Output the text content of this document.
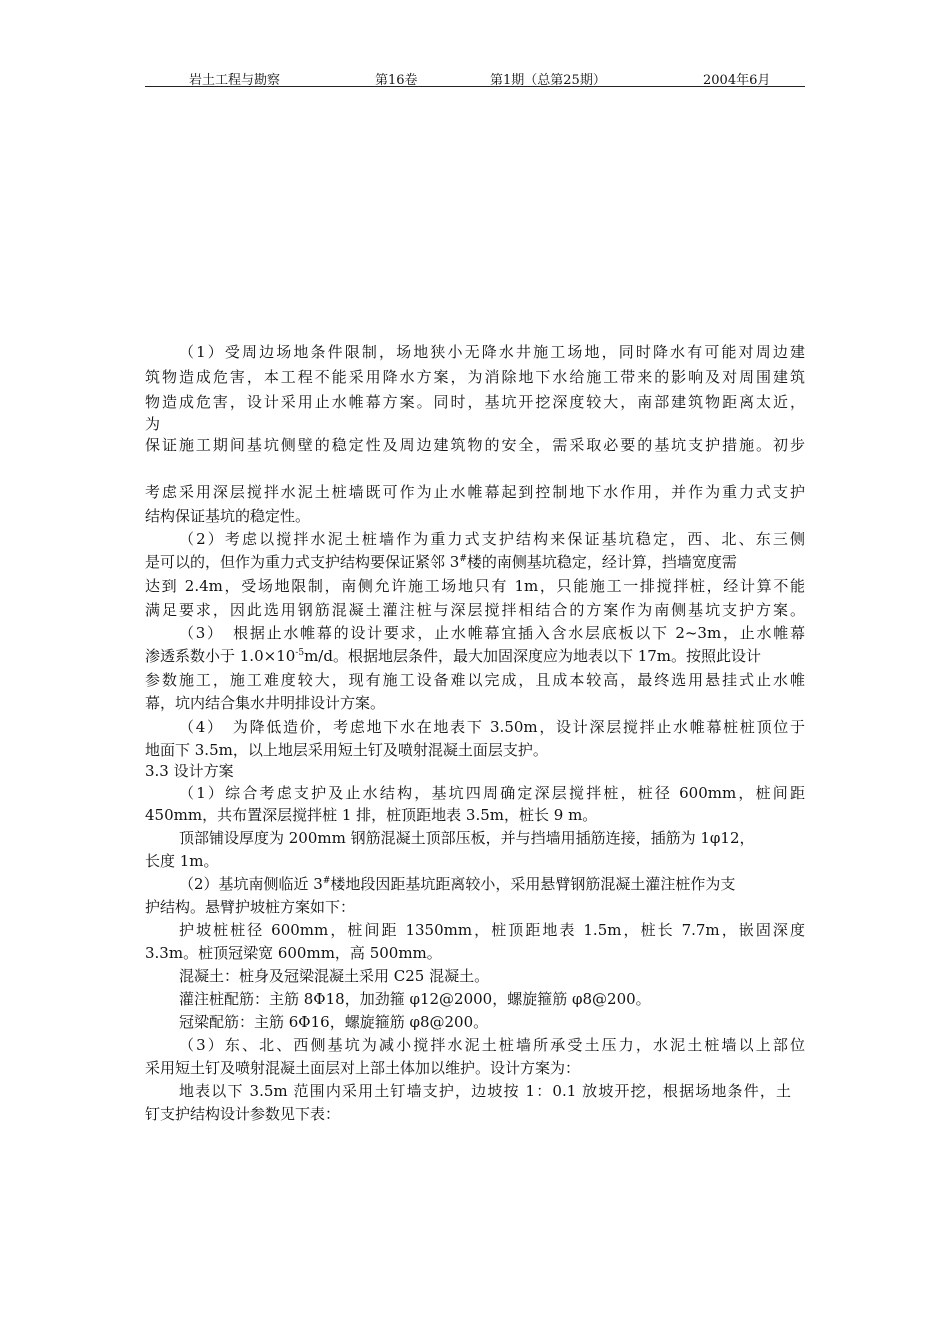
岩土工程与勘察	第16卷	第1期（总第25期）	2004年6月
（1）受周边场地条件限制，场地狭小无降水井施工场地，同时降水有可能对周边建
筑物造成危害，本工程不能采用降水方案，为消除地下水给施工带来的影响及对周围建筑
物造成危害，设计采用止水帷幕方案。同时，基坑开挖深度较大，南部建筑物距离太近，
为
保证施工期间基坑侧壁的稳定性及周边建筑物的安全，需采取必要的基坑支护措施。初步
考虑采用深层搅拌水泥土桩墙既可作为止水帷幕起到控制地下水作用，并作为重力式支护
结构保证基坑的稳定性。
（2）考虑以搅拌水泥土桩墙作为重力式支护结构来保证基坑稳定，西、北、东三侧
是可以的，但作为重力式支护结构要保证紧邻 3#楼的南侧基坑稳定，经计算，挡墙宽度需
达到 2.4m，受场地限制，南侧允许施工场地只有 1m，只能施工一排搅拌桩，经计算不能
满足要求，因此选用钢筋混凝土灌注桩与深层搅拌相结合的方案作为南侧基坑支护方案。
（3）　根据止水帷幕的设计要求，止水帷幕宜插入含水层底板以下 2~3m，止水帷幕
渗透系数小于 $1.0\times 10^{-5}m/d$。根据地层条件，最大加固深度应为地表以下 17m。按照此设计
参数施工，施工难度较大，现有施工设备难以完成，且成本较高，最终选用悬挂式止水帷
幕，坑内结合集水井明排设计方案。
（4）　为降低造价，考虑地下水在地表下 3.50m，设计深层搅拌止水帷幕桩桩顶位于
地面下 3.5m，以上地层采用短土钉及喷射混凝土面层支护。
3.3 设计方案
（1）综合考虑支护及止水结构，基坑四周确定深层搅拌桩，桩径 600mm，桩间距
450mm，共布置深层搅拌桩 1 排，桩顶距地表 3.5m，桩长 9 m。
顶部铺设厚度为 200mm 钢筋混凝土顶部压板，并与挡墙用插筋连接，插筋为 1φ12，
长度 1m。
（2）基坑南侧临近 3#楼地段因距基坑距离较小，采用悬臂钢筋混凝土灌注桩作为支
护结构。悬臂护坡桩方案如下：
护坡桩桩径 600mm，桩间距 1350mm，桩顶距地表 1.5m，桩长 7.7m，嵌固深度
3.3m。桩顶冠梁宽 600mm，高 500mm。
混凝土：桩身及冠梁混凝土采用 C25 混凝土。
灌注桩配筋：主筋 8Φ18，加劲箍 φ12@2000，螺旋箍筋 φ8@200。
冠梁配筋：主筋 6Φ16，螺旋箍筋 φ8@200。
（3）东、北、西侧基坑为减小搅拌水泥土桩墙所承受土压力，水泥土桩墙以上部位
采用短土钉及喷射混凝土面层对上部土体加以维护。设计方案为：
地表以下 3.5m 范围内采用土钉墙支护，边坡按 1：0.1 放坡开挖，根据场地条件，土
钉支护结构设计参数见下表：
